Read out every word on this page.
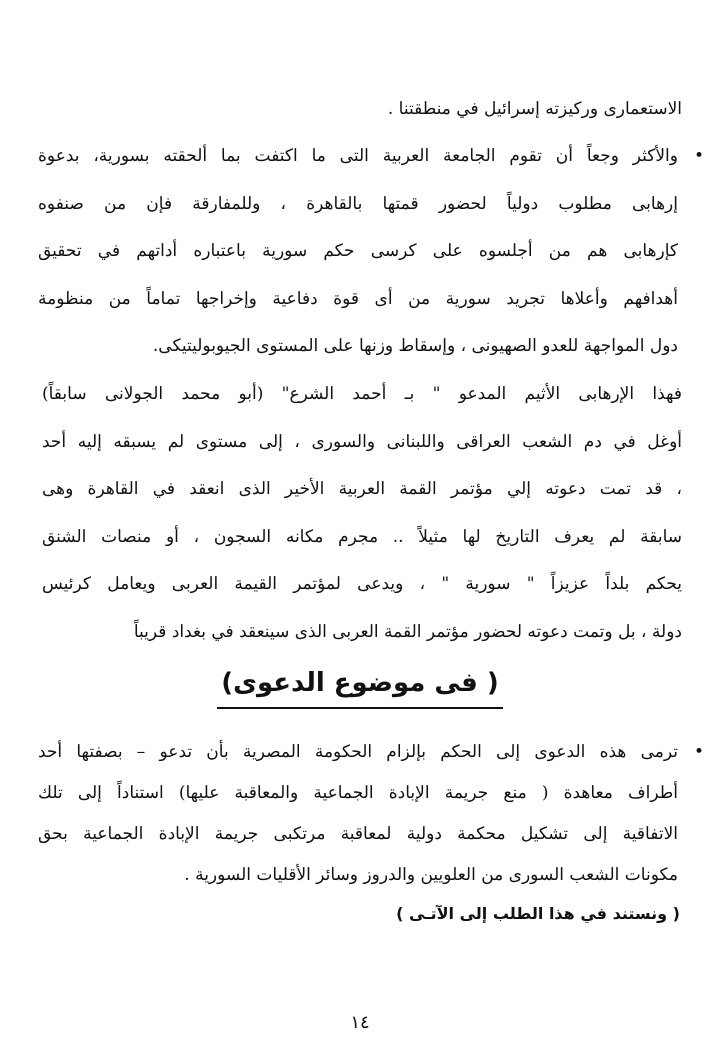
الاستعمارى وركيزته إسرائيل في منطقتنا .
•
والأكثر وجعاً أن تقوم الجامعة العربية التى ما اكتفت بما ألحقته بسورية، بدعوة
إرهابى مطلوب دولياً لحضور قمتها بالقاهرة ، وللمفارقة فإن من صنفوه
كإرهابى هم من أجلسوه على كرسى حكم سورية باعتباره أداتهم في تحقيق
أهدافهم وأعلاها تجريد سورية من أى قوة دفاعية وإخراجها تماماً من منظومة
دول المواجهة للعدو الصهيونى ، وإسقاط وزنها على المستوى الجيوبوليتيكى.
فهذا الإرهابى الأثيم المدعو " بـ أحمد الشرع" (أبو محمد الجولانى سابقاً)
أوغل في دم الشعب العراقى واللبنانى والسورى ، إلى مستوى لم يسبقه إليه أحد
، قد تمت دعوته إلي مؤتمر القمة العربية الأخير الذى انعقد في القاهرة وهى
سابقة لم يعرف التاريخ لها مثيلاً .. مجرم مكانه السجون ، أو منصات الشنق
يحكم بلداً عزيزاً " سورية " ، ويدعى لمؤتمر القيمة العربى ويعامل كرئيس
دولة ، بل وتمت دعوته لحضور مؤتمر القمة العربى الذى سينعقد في بغداد قريباً
( فى موضوع الدعوى)
•
ترمى هذه الدعوى إلى الحكم بإلزام الحكومة المصرية بأن تدعو – بصفتها أحد
أطراف معاهدة ( منع جريمة الإبادة الجماعية والمعاقبة عليها) استناداً إلى تلك
الاتفاقية إلى تشكيل محكمة دولية لمعاقبة مرتكبى جريمة الإبادة الجماعية بحق
مكونات الشعب السورى من العلويين والدروز وسائر الأقليات السورية .
( ونستند في هذا الطلب إلى الآتـى )
١٤
